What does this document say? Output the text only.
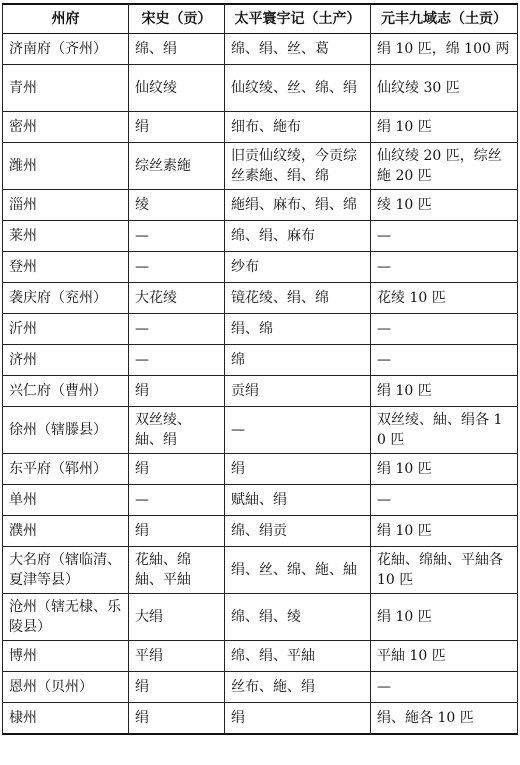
州府	宋史（贡）	太平寰宇记（土产）	元丰九域志（土贡）
济南府（齐州）	绵、绢	绵、绢、丝、葛	绢 10 匹，绵 100 两
青州	仙纹绫	仙纹绫、丝、绵、绢	仙纹绫 30 匹
密州	绢	细布、絁布	绢 10 匹
潍州	综丝素絁	旧贡仙纹绫，今贡综丝素絁、绢、绵	仙纹绫 20 匹，综丝絁 20 匹
淄州	绫	絁绢、麻布、绢、绵	绫 10 匹
莱州	—	绵、绢、麻布	—
登州	—	纱布	—
袭庆府（兖州）	大花绫	镜花绫、绢、绵	花绫 10 匹
沂州	—	绢、绵	—
济州	—	绵	—
兴仁府（曹州）	绢	贡绢	绢 10 匹
徐州（辖滕县）	双丝绫、紬、绢	—	双丝绫、紬、绢各 10 匹
东平府（郓州）	绢	绢	绢 10 匹
单州	—	赋紬、绢	—
濮州	绢	绵、绢贡	绢 10 匹
大名府（辖临清、夏津等县）	花紬、绵紬、平紬	绢、丝、绵、絁、紬	花紬、绵紬、平紬各 10 匹
沧州（辖无棣、乐陵县）	大绢	绵、绢、绫	绢 10 匹
博州	平绢	绵、绢、平紬	平紬 10 匹
恩州（贝州）	绢	丝布、絁、绢	—
棣州	绢	绢	绢、絁各 10 匹
